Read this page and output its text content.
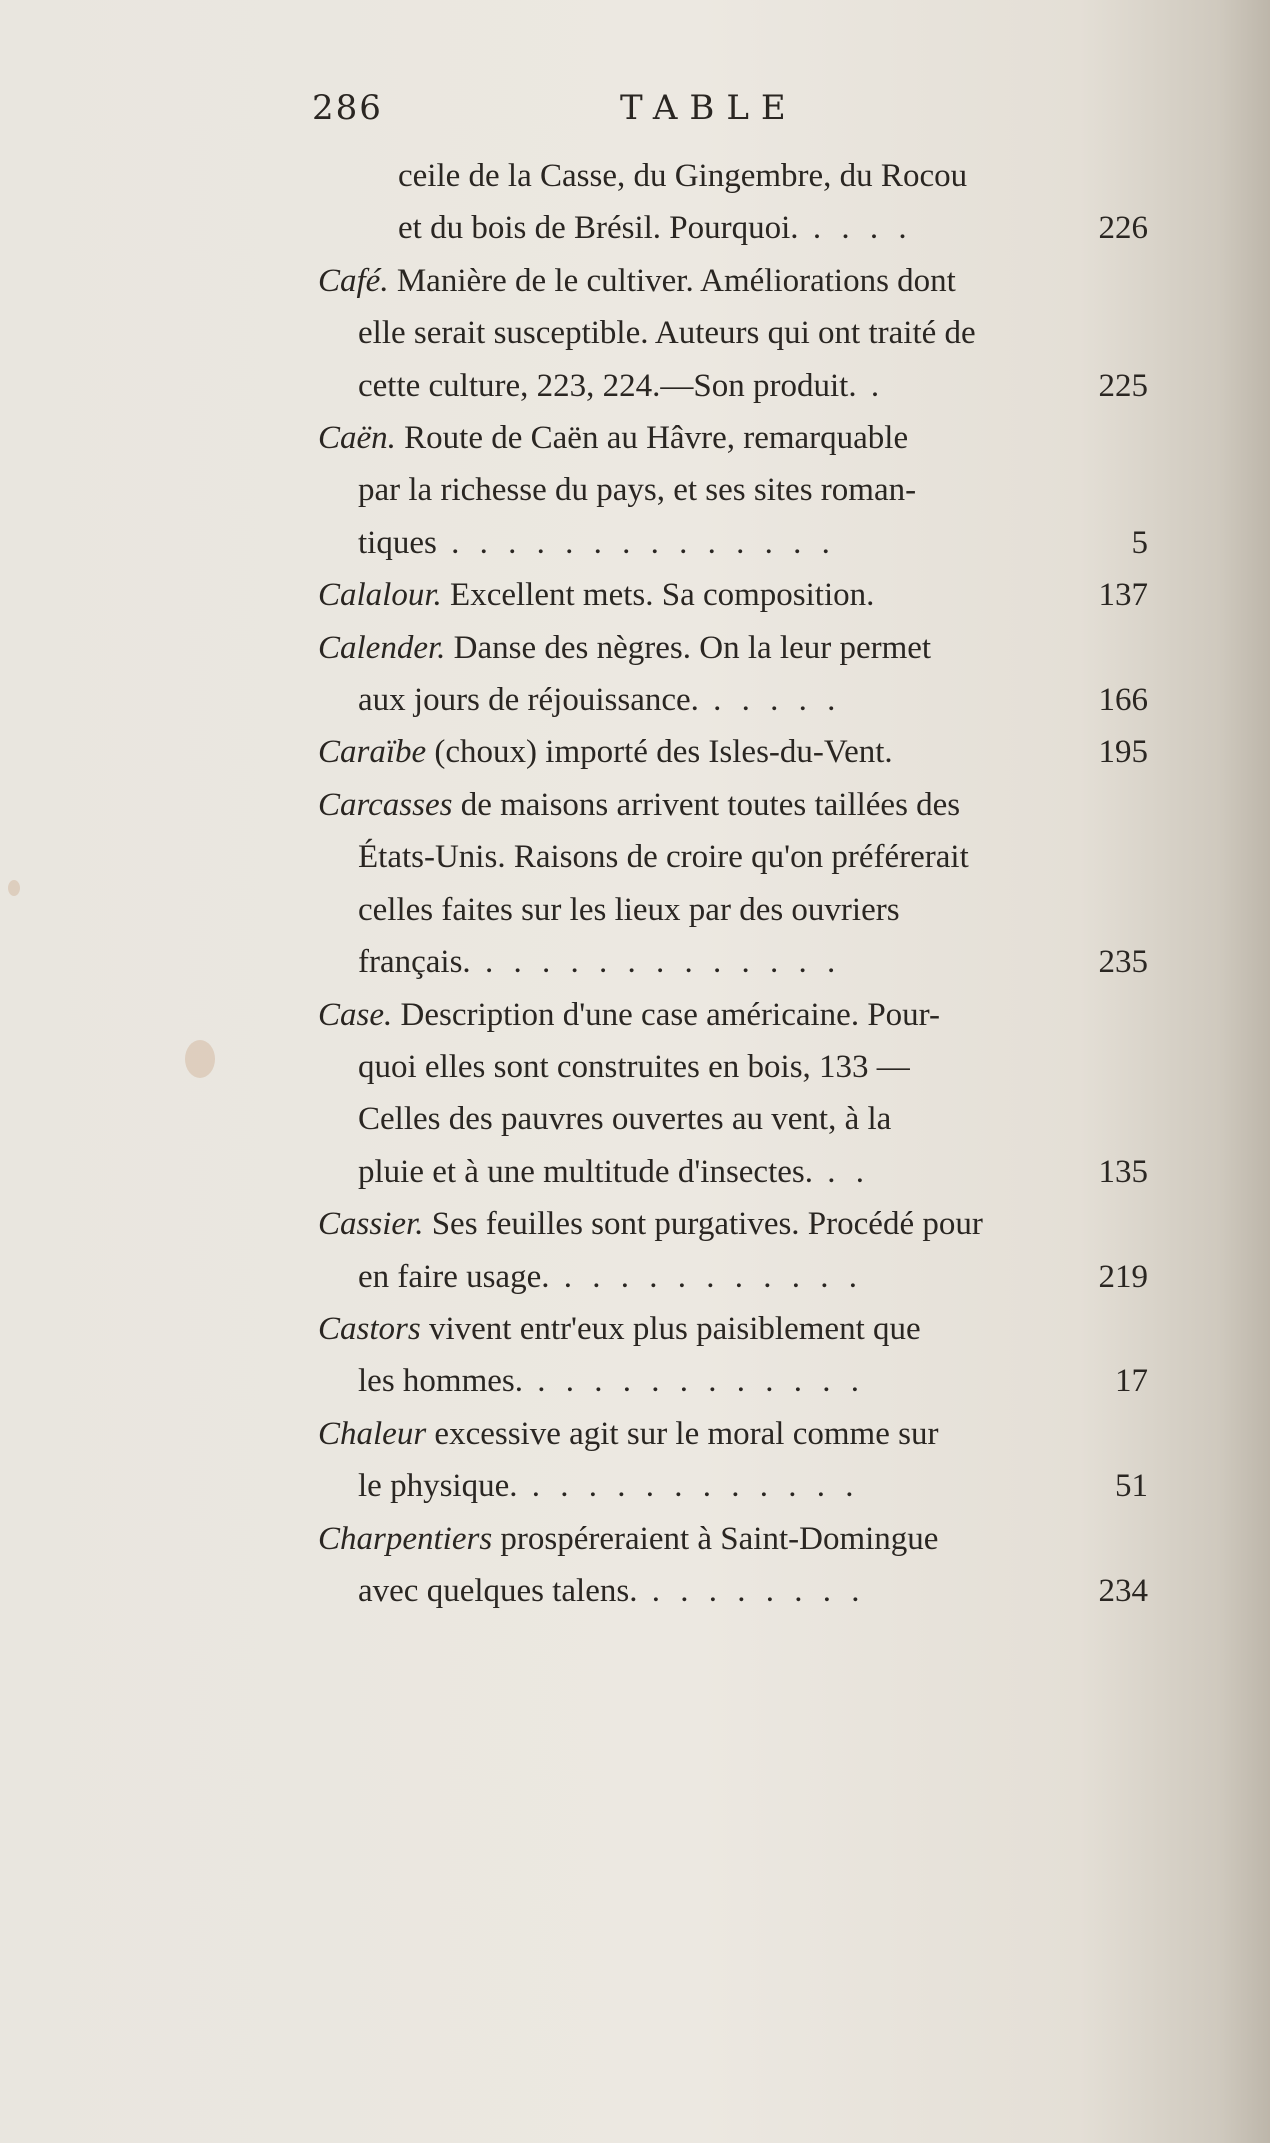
286	TABLE
ceile de la Casse, du Gingembre, du Rocou
et du bois de Brésil. Pourquoi. . . . .	226
Café. Manière de le cultiver. Améliorations dont
elle serait susceptible. Auteurs qui ont traité de
cette culture, 223, 224.—Son produit. .	225
Caën. Route de Caën au Hâvre, remarquable
par la richesse du pays, et ses sites roman-
tiques . . . . . . . . . . . . . .	5
Calalour. Excellent mets. Sa composition.	137
Calender. Danse des nègres. On la leur permet
aux jours de réjouissance. . . . . .	166
Caraïbe (choux) importé des Isles-du-Vent.	195
Carcasses de maisons arrivent toutes taillées des
États-Unis. Raisons de croire qu'on préférerait
celles faites sur les lieux par des ouvriers
français. . . . . . . . . . . . . .	235
Case. Description d'une case américaine. Pour-
quoi elles sont construites en bois, 133 —
Celles des pauvres ouvertes au vent, à la
pluie et à une multitude d'insectes. . .	135
Cassier. Ses feuilles sont purgatives. Procédé pour
en faire usage. . . . . . . . . . . .	219
Castors vivent entr'eux plus paisiblement que
les hommes. . . . . . . . . . . . .	17
Chaleur excessive agit sur le moral comme sur
le physique. . . . . . . . . . . . .	51
Charpentiers prospéreraient à Saint-Domingue
avec quelques talens. . . . . . . . .	234
